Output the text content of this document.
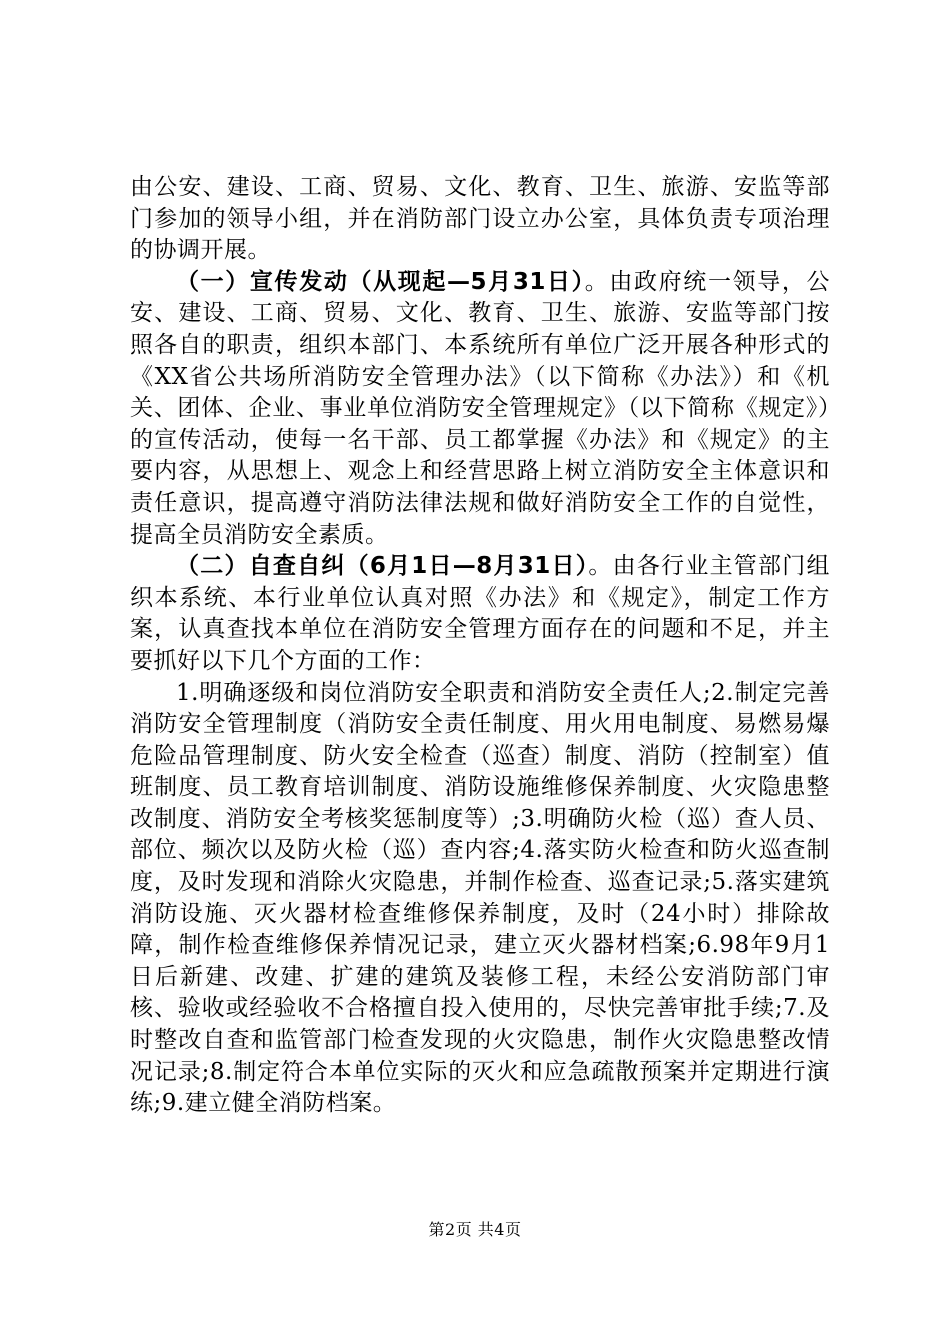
由公安、建设、工商、贸易、文化、教育、卫生、旅游、安监等部门参加的领导小组，并在消防部门设立办公室，具体负责专项治理的协调开展。

（一）宣传发动（从现起—5月31日）。由政府统一领导，公安、建设、工商、贸易、文化、教育、卫生、旅游、安监等部门按照各自的职责，组织本部门、本系统所有单位广泛开展各种形式的《XX省公共场所消防安全管理办法》（以下简称《办法》）和《机关、团体、企业、事业单位消防安全管理规定》（以下简称《规定》）的宣传活动，使每一名干部、员工都掌握《办法》和《规定》的主要内容，从思想上、观念上和经营思路上树立消防安全主体意识和责任意识，提高遵守消防法律法规和做好消防安全工作的自觉性，提高全员消防安全素质。

（二）自查自纠（6月1日—8月31日）。由各行业主管部门组织本系统、本行业单位认真对照《办法》和《规定》，制定工作方案，认真查找本单位在消防安全管理方面存在的问题和不足，并主要抓好以下几个方面的工作：

1.明确逐级和岗位消防安全职责和消防安全责任人;2.制定完善消防安全管理制度（消防安全责任制度、用火用电制度、易燃易爆危险品管理制度、防火安全检查（巡查）制度、消防（控制室）值班制度、员工教育培训制度、消防设施维修保养制度、火灾隐患整改制度、消防安全考核奖惩制度等）;3.明确防火检（巡）查人员、部位、频次以及防火检（巡）查内容;4.落实防火检查和防火巡查制度，及时发现和消除火灾隐患，并制作检查、巡查记录;5.落实建筑消防设施、灭火器材检查维修保养制度，及时（24小时）排除故障，制作检查维修保养情况记录，建立灭火器材档案;6.98年9月1日后新建、改建、扩建的建筑及装修工程，未经公安消防部门审核、验收或经验收不合格擅自投入使用的，尽快完善审批手续;7.及时整改自查和监管部门检查发现的火灾隐患，制作火灾隐患整改情况记录;8.制定符合本单位实际的灭火和应急疏散预案并定期进行演练;9.建立健全消防档案。

第2页 共4页
